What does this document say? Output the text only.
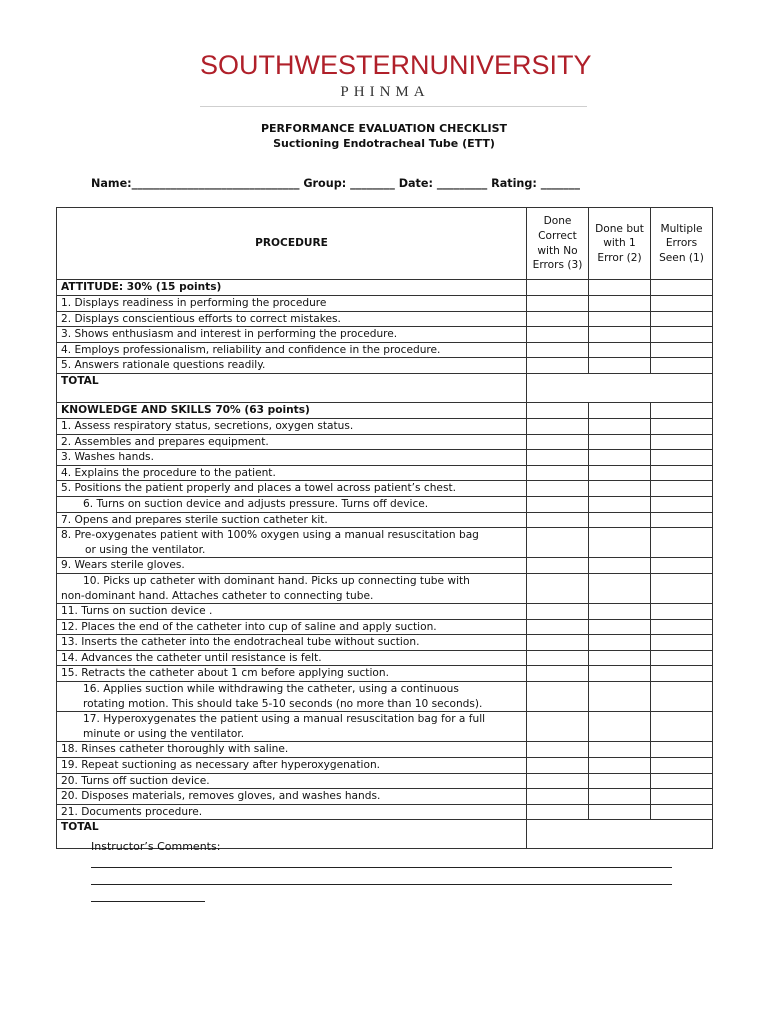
SOUTHWESTERNUNIVERSITY
PHINMA
PERFORMANCE EVALUATION CHECKLIST
Suctioning Endotracheal Tube (ETT)
Name:______________________________ Group: ________ Date: _________ Rating: _______
PROCEDURE	Done Correct with No Errors (3)	Done but with 1 Error (2)	Multiple Errors Seen (1)
ATTITUDE: 30% (15 points)			
1. Displays readiness in performing the procedure			
2. Displays conscientious efforts to correct mistakes.			
3. Shows enthusiasm and interest in performing the procedure.			
4. Employs professionalism, reliability and confidence in the procedure.			
5. Answers rationale questions readily.			
TOTAL			
KNOWLEDGE AND SKILLS 70% (63 points)			
1. Assess respiratory status, secretions, oxygen status.			
2. Assembles and prepares equipment.			
3. Washes hands.			
4. Explains the procedure to the patient.			
5. Positions the patient properly and places a towel across patient’s chest.			
6. Turns on suction device and adjusts pressure. Turns off device.			
7. Opens and prepares sterile suction catheter kit.			
8. Pre-oxygenates patient with 100% oxygen using a manual resuscitation bag
or using the ventilator.			

9. Wears sterile gloves.			
10. Picks up catheter with dominant hand. Picks up connecting tube with
non-dominant hand. Attaches catheter to connecting tube.			
11. Turns on suction device .			
12. Places the end of the catheter into cup of saline and apply suction.			
13. Inserts the catheter into the endotracheal tube without suction.			
14. Advances the catheter until resistance is felt.			
15. Retracts the catheter about 1 cm before applying suction.			
16. Applies suction while withdrawing the catheter, using a continuous
rotating motion. This should take 5-10 seconds (no more than 10 seconds).			
17. Hyperoxygenates the patient using a manual resuscitation bag for a full
minute or using the ventilator.			
18. Rinses catheter thoroughly with saline.			
19. Repeat suctioning as necessary after hyperoxygenation.			
20. Turns off suction device.			
20. Disposes materials, removes gloves, and washes hands.			
21. Documents procedure.			
TOTAL			
Instructor’s Comments:
